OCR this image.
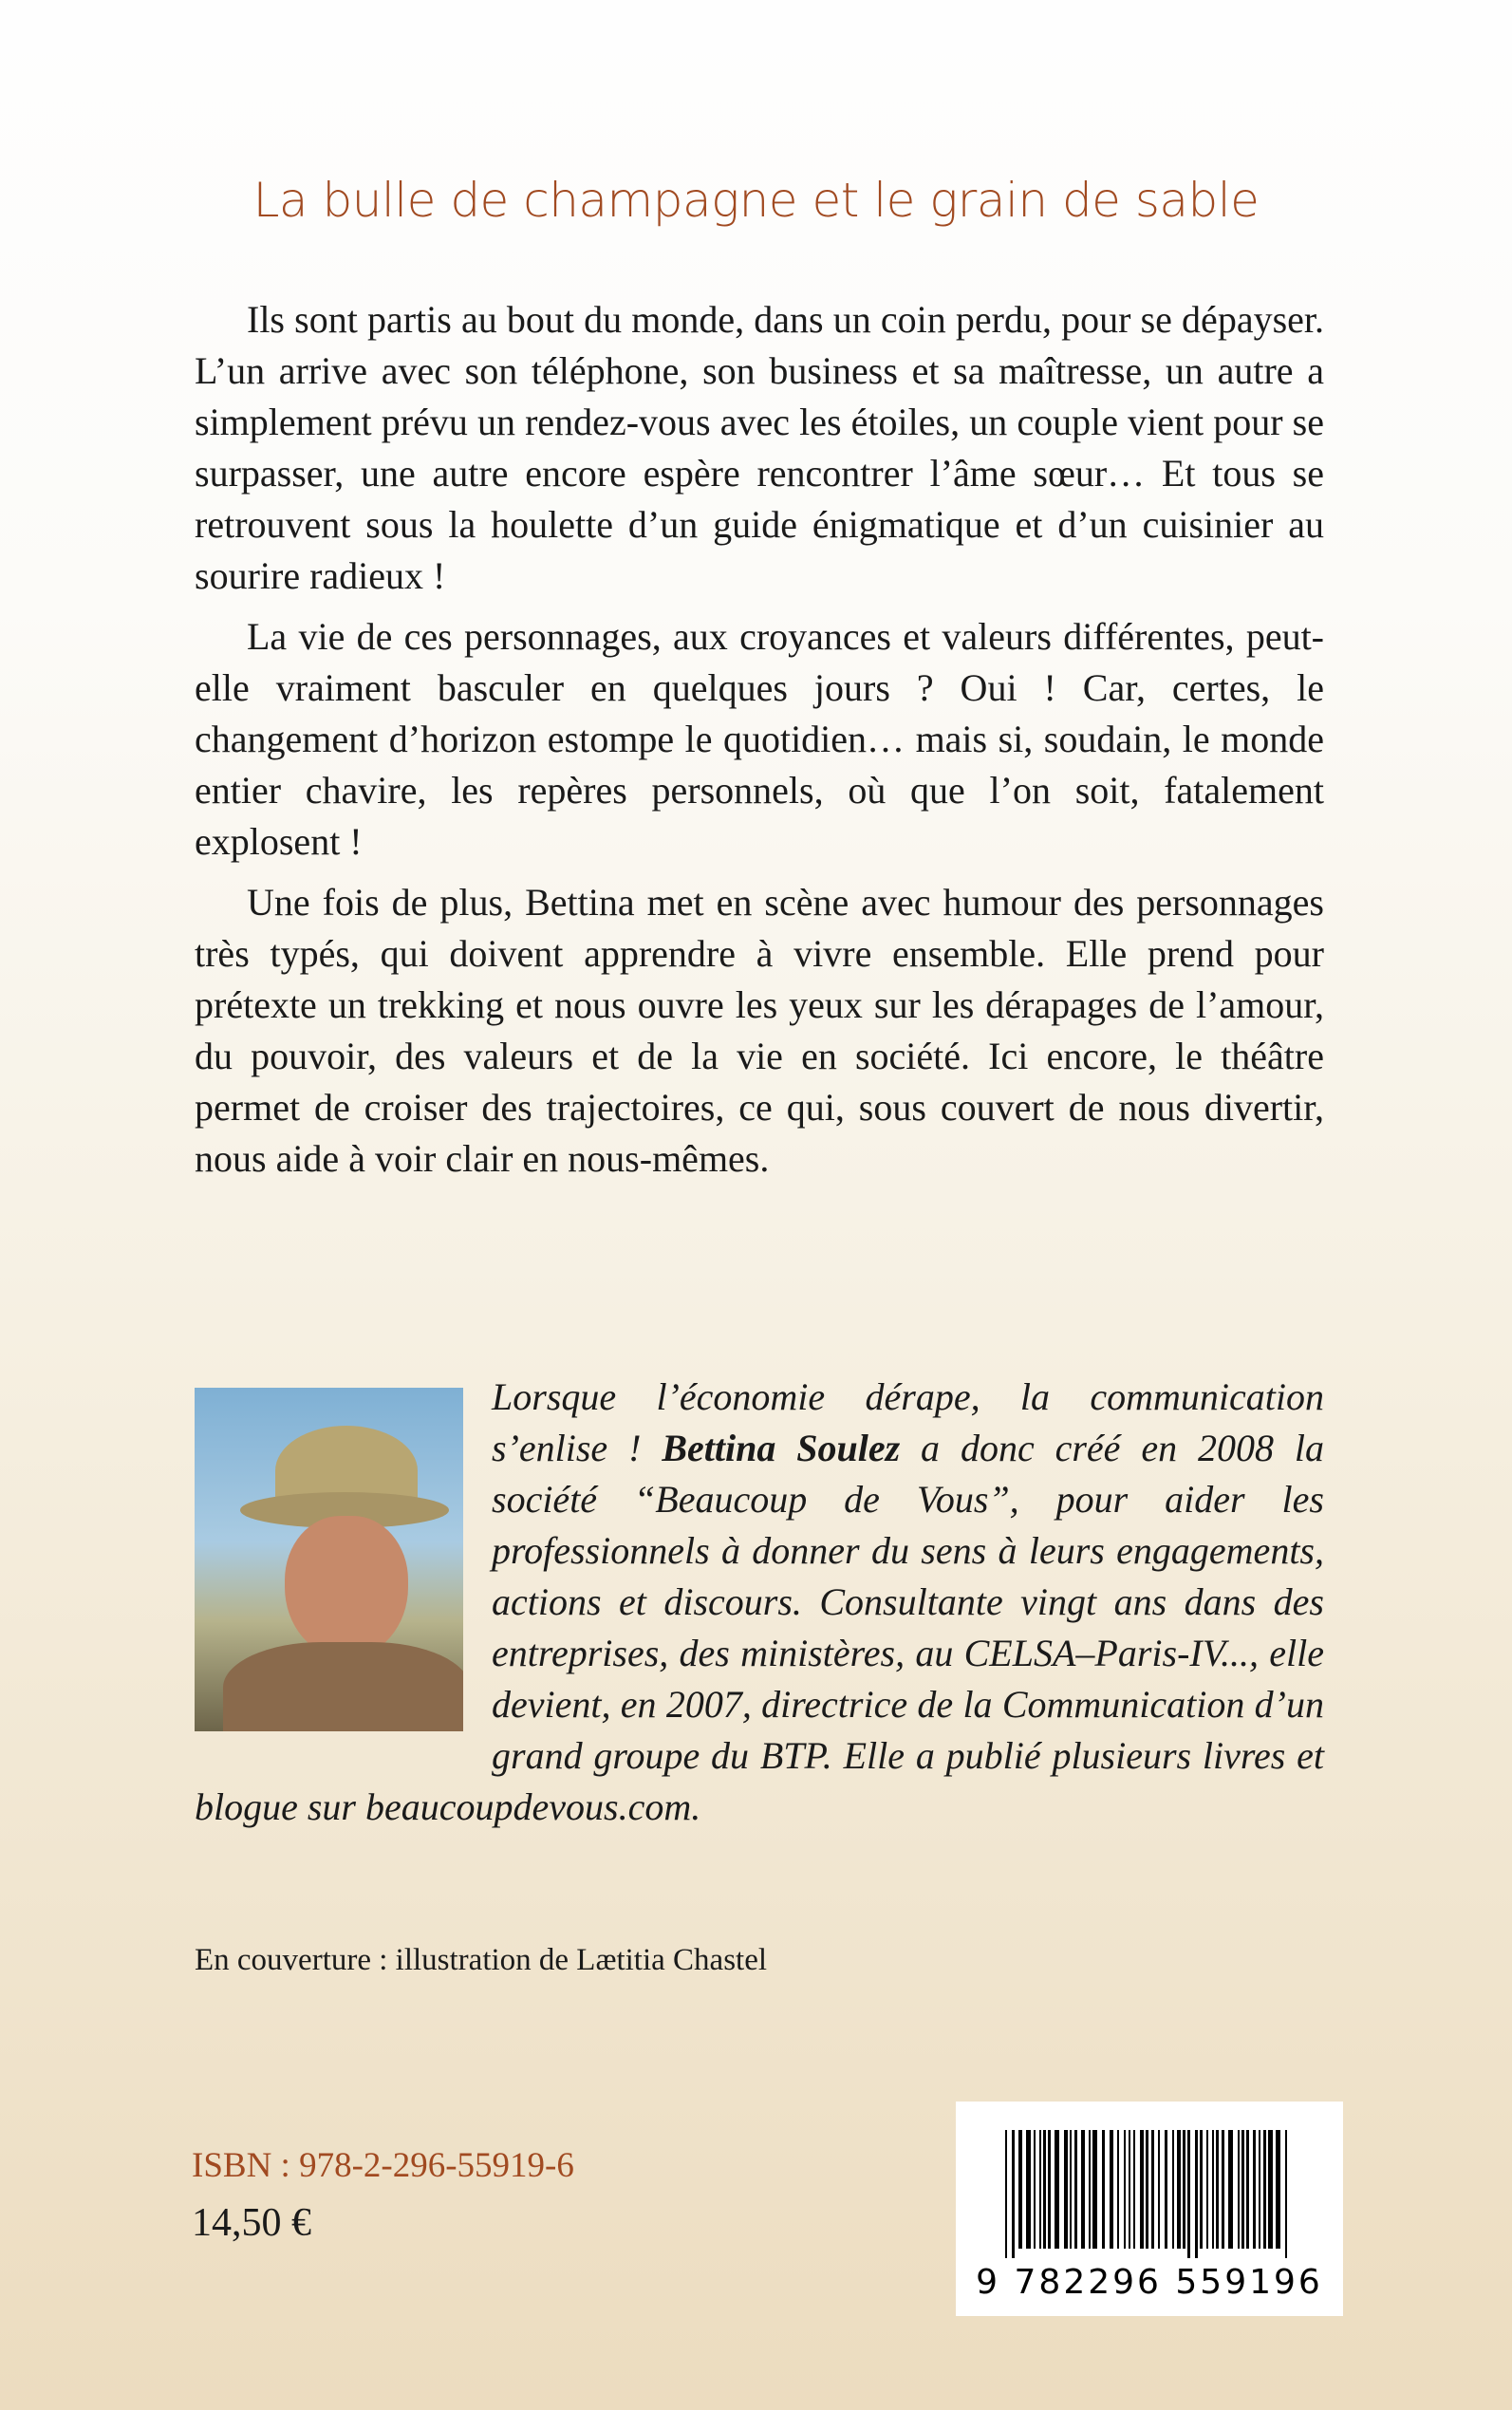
La bulle de champagne et le grain de sable

Ils sont partis au bout du monde, dans un coin perdu, pour se dépayser. L’un arrive avec son téléphone, son business et sa maîtresse, un autre a simplement prévu un rendez-vous avec les étoiles, un couple vient pour se surpasser, une autre encore espère rencontrer l’âme sœur… Et tous se retrouvent sous la houlette d’un guide énigmatique et d’un cuisinier au sourire radieux !

La vie de ces personnages, aux croyances et valeurs différentes, peut-elle vraiment basculer en quelques jours ? Oui ! Car, certes, le changement d’horizon estompe le quotidien… mais si, soudain, le monde entier chavire, les repères personnels, où que l’on soit, fatalement explosent !

Une fois de plus, Bettina met en scène avec humour des personnages très typés, qui doivent apprendre à vivre ensemble. Elle prend pour prétexte un trekking et nous ouvre les yeux sur les dérapages de l’amour, du pouvoir, des valeurs et de la vie en société. Ici encore, le théâtre permet de croiser des trajectoires, ce qui, sous couvert de nous divertir, nous aide à voir clair en nous-mêmes.

Lorsque l’économie dérape, la communication s’enlise ! Bettina Soulez a donc créé en 2008 la société “Beaucoup de Vous”, pour aider les professionnels à donner du sens à leurs engagements, actions et discours. Consultante vingt ans dans des entreprises, des ministères, au CELSA–Paris-IV..., elle devient, en 2007, directrice de la Communication d’un grand groupe du BTP. Elle a publié plusieurs livres et blogue sur beaucoupdevous.com.
En couverture : illustration de Lætitia Chastel
ISBN : 978-2-296-55919-6
14,50 €
9 782296 559196
